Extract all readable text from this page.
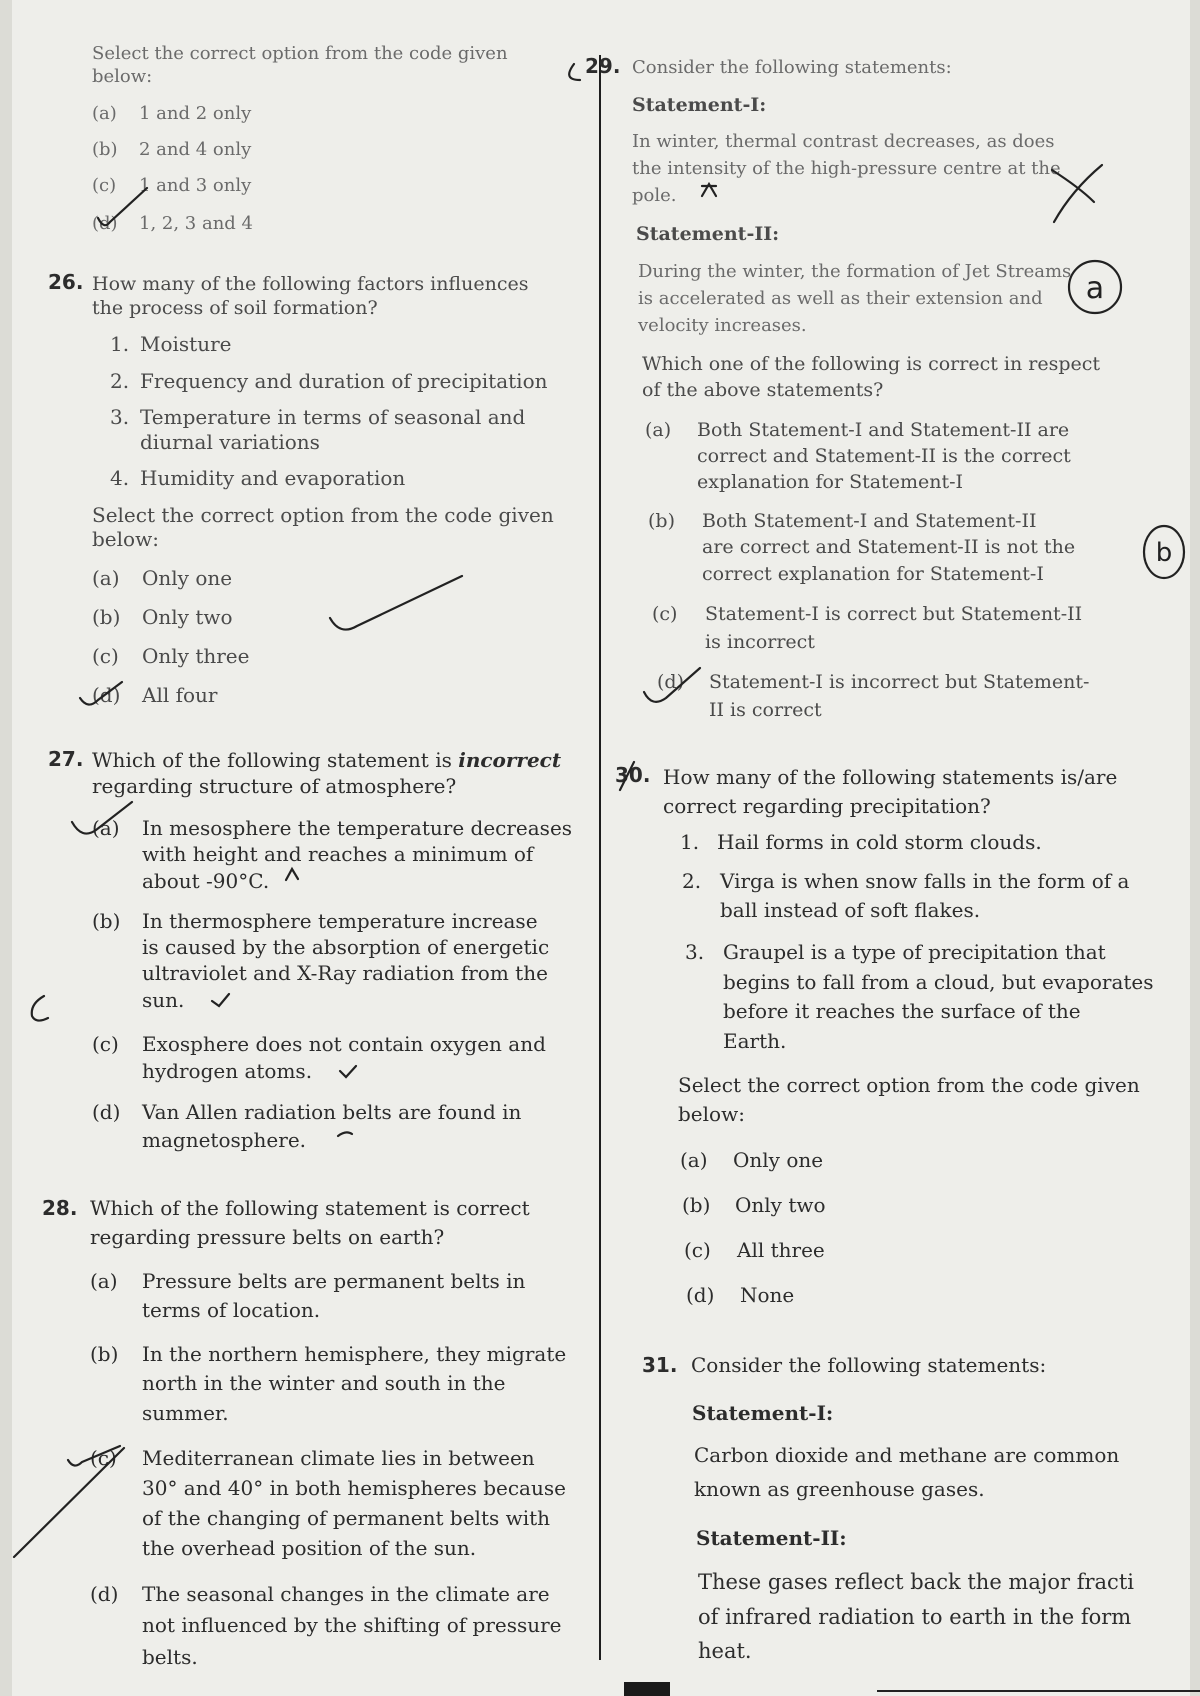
Select the correct option from the code given
below:
(a) 1 and 2 only
(b) 2 and 4 only
(c) 1 and 3 only
(d) 1, 2, 3 and 4
26. How many of the following factors influences
the process of soil formation?
1. Moisture
2. Frequency and duration of precipitation
3. Temperature in terms of seasonal and
diurnal variations
4. Humidity and evaporation
Select the correct option from the code given
below:
(a) Only one
(b) Only two
(c) Only three
(d) All four
27. Which of the following statement is incorrect
regarding structure of atmosphere?
(a) In mesosphere the temperature decreases
with height and reaches a minimum of
about -90°C.
(b) In thermosphere temperature increase
is caused by the absorption of energetic
ultraviolet and X-Ray radiation from the
sun.
(c) Exosphere does not contain oxygen and
hydrogen atoms.
(d) Van Allen radiation belts are found in
magnetosphere.
28. Which of the following statement is correct
regarding pressure belts on earth?
(a) Pressure belts are permanent belts in
terms of location.
(b) In the northern hemisphere, they migrate
north in the winter and south in the
summer.
(c) Mediterranean climate lies in between
30° and 40° in both hemispheres because
of the changing of permanent belts with
the overhead position of the sun.
(d) The seasonal changes in the climate are
not influenced by the shifting of pressure
belts.
29. Consider the following statements:
Statement-I:
In winter, thermal contrast decreases, as does
the intensity of the high-pressure centre at the
pole.
Statement-II:
During the winter, the formation of Jet Streams
is accelerated as well as their extension and
velocity increases.
Which one of the following is correct in respect
of the above statements?
(a) Both Statement-I and Statement-II are
correct and Statement-II is the correct
explanation for Statement-I
(b) Both Statement-I and Statement-II
are correct and Statement-II is not the
correct explanation for Statement-I
(c) Statement-I is correct but Statement-II
is incorrect
(d) Statement-I is incorrect but Statement-
II is correct
30. How many of the following statements is/are
correct regarding precipitation?
1. Hail forms in cold storm clouds.
2. Virga is when snow falls in the form of a
ball instead of soft flakes.
3. Graupel is a type of precipitation that
begins to fall from a cloud, but evaporates
before it reaches the surface of the
Earth.
Select the correct option from the code given
below:
(a) Only one
(b) Only two
(c) All three
(d) None
31. Consider the following statements:
Statement-I:
Carbon dioxide and methane are common
known as greenhouse gases.
Statement-II:
These gases reflect back the major fracti
of infrared radiation to earth in the form
heat.
a
b
